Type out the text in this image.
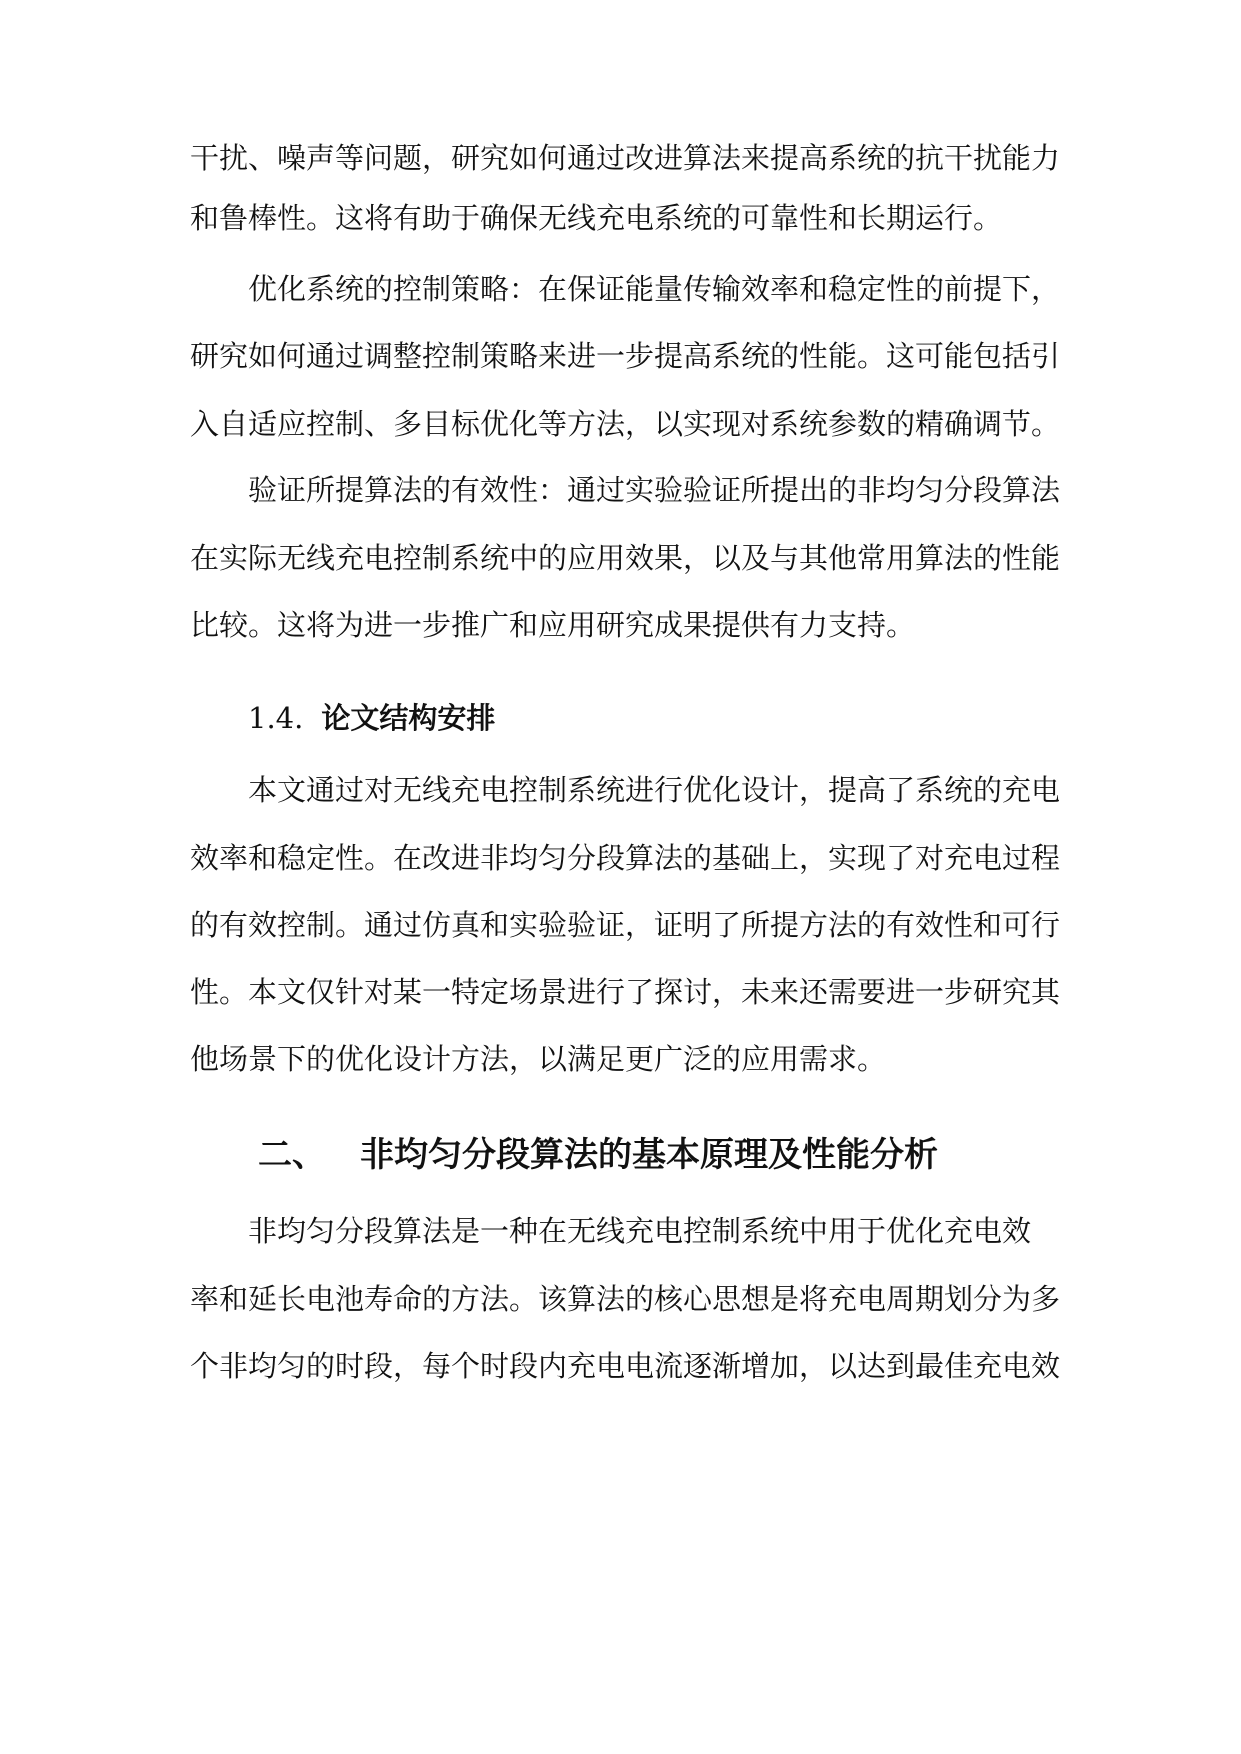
干扰、噪声等问题，研究如何通过改进算法来提高系统的抗干扰能力
和鲁棒性。这将有助于确保无线充电系统的可靠性和长期运行。
优化系统的控制策略：在保证能量传输效率和稳定性的前提下，
研究如何通过调整控制策略来进一步提高系统的性能。这可能包括引
入自适应控制、多目标优化等方法，以实现对系统参数的精确调节。
验证所提算法的有效性：通过实验验证所提出的非均匀分段算法
在实际无线充电控制系统中的应用效果，以及与其他常用算法的性能
比较。这将为进一步推广和应用研究成果提供有力支持。
1.4. 论文结构安排
本文通过对无线充电控制系统进行优化设计，提高了系统的充电
效率和稳定性。在改进非均匀分段算法的基础上，实现了对充电过程
的有效控制。通过仿真和实验验证，证明了所提方法的有效性和可行
性。本文仅针对某一特定场景进行了探讨，未来还需要进一步研究其
他场景下的优化设计方法，以满足更广泛的应用需求。
二、 非均匀分段算法的基本原理及性能分析
非均匀分段算法是一种在无线充电控制系统中用于优化充电效
率和延长电池寿命的方法。该算法的核心思想是将充电周期划分为多
个非均匀的时段，每个时段内充电电流逐渐增加，以达到最佳充电效
